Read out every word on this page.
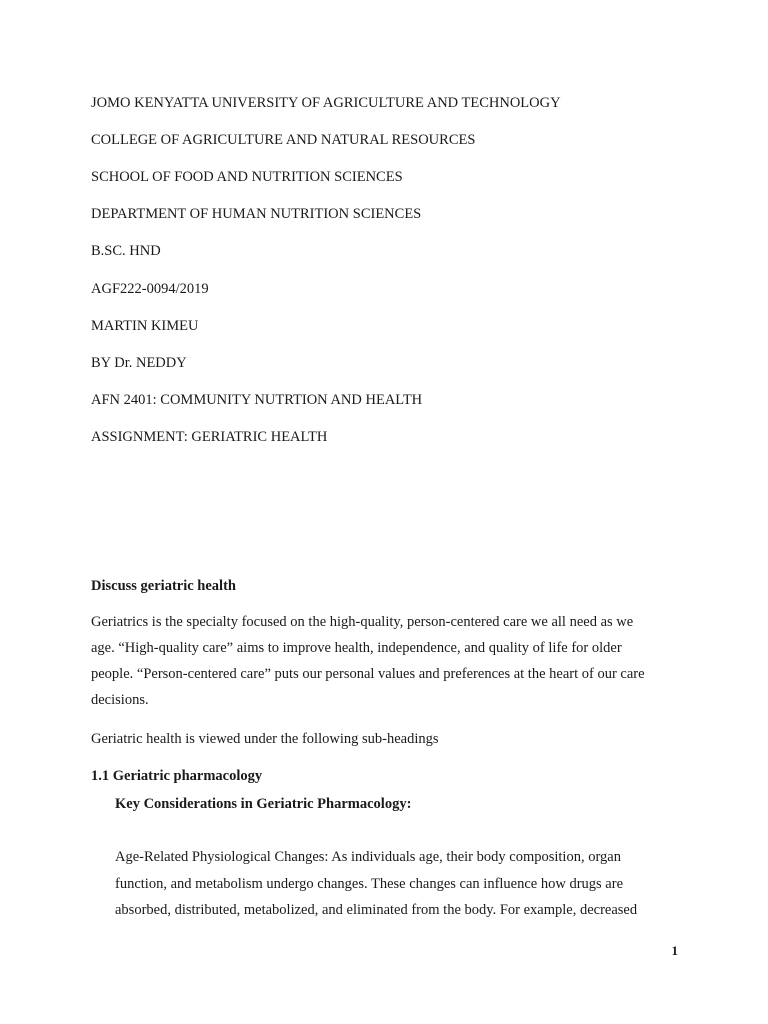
JOMO KENYATTA UNIVERSITY OF AGRICULTURE AND TECHNOLOGY
COLLEGE OF AGRICULTURE AND NATURAL RESOURCES
SCHOOL OF FOOD AND NUTRITION SCIENCES
DEPARTMENT OF HUMAN NUTRITION SCIENCES
B.SC. HND
AGF222-0094/2019
MARTIN KIMEU
BY Dr. NEDDY
AFN 2401: COMMUNITY NUTRTION AND HEALTH
ASSIGNMENT: GERIATRIC HEALTH
Discuss geriatric health

Geriatrics is the specialty focused on the high-quality, person-centered care we all need as we
age. “High-quality care” aims to improve health, independence, and quality of life for older
people. “Person-centered care” puts our personal values and preferences at the heart of our care
decisions.

Geriatric health is viewed under the following sub-headings

1.1 Geriatric pharmacology
Key Considerations in Geriatric Pharmacology:

Age-Related Physiological Changes: As individuals age, their body composition, organ
function, and metabolism undergo changes. These changes can influence how drugs are
absorbed, distributed, metabolized, and eliminated from the body. For example, decreased

1
